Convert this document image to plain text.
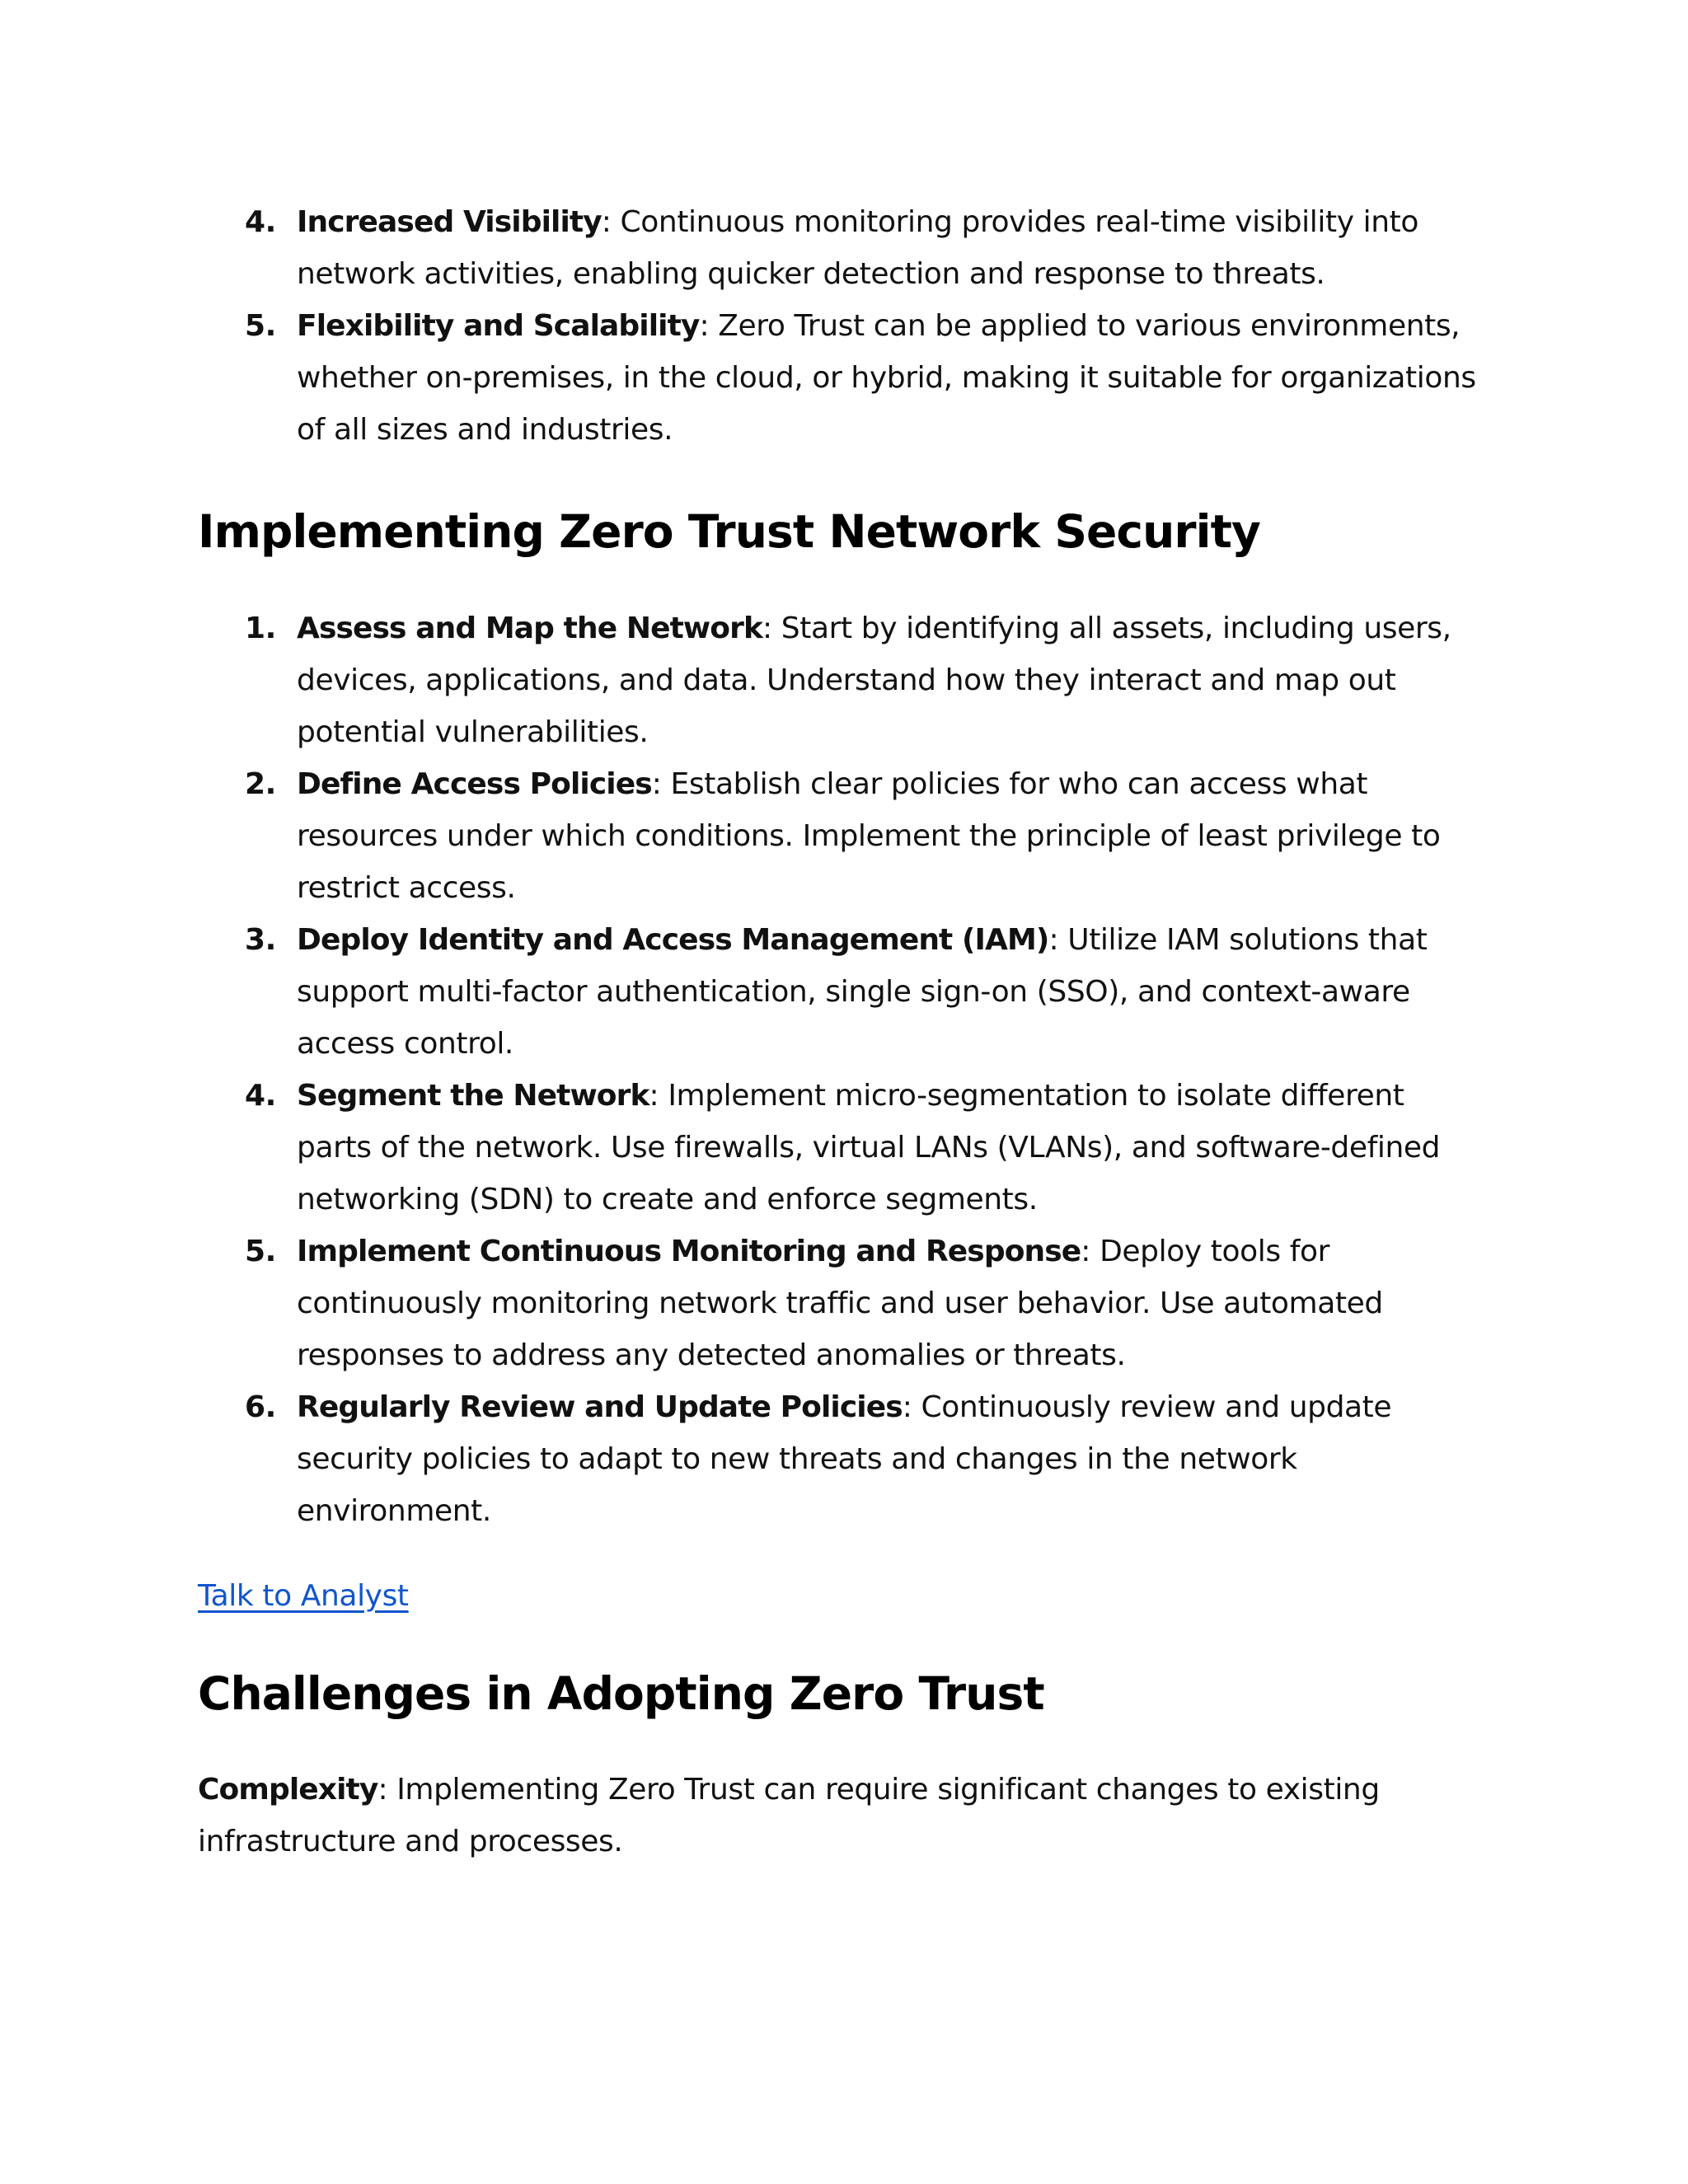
4. Increased Visibility: Continuous monitoring provides real-time visibility into network activities, enabling quicker detection and response to threats.
5. Flexibility and Scalability: Zero Trust can be applied to various environments, whether on-premises, in the cloud, or hybrid, making it suitable for organizations of all sizes and industries.
Implementing Zero Trust Network Security
1. Assess and Map the Network: Start by identifying all assets, including users, devices, applications, and data. Understand how they interact and map out potential vulnerabilities.
2. Define Access Policies: Establish clear policies for who can access what resources under which conditions. Implement the principle of least privilege to restrict access.
3. Deploy Identity and Access Management (IAM): Utilize IAM solutions that support multi-factor authentication, single sign-on (SSO), and context-aware access control.
4. Segment the Network: Implement micro-segmentation to isolate different parts of the network. Use firewalls, virtual LANs (VLANs), and software-defined networking (SDN) to create and enforce segments.
5. Implement Continuous Monitoring and Response: Deploy tools for continuously monitoring network traffic and user behavior. Use automated responses to address any detected anomalies or threats.
6. Regularly Review and Update Policies: Continuously review and update security policies to adapt to new threats and changes in the network environment.
Talk to Analyst
Challenges in Adopting Zero Trust
Complexity: Implementing Zero Trust can require significant changes to existing infrastructure and processes.
